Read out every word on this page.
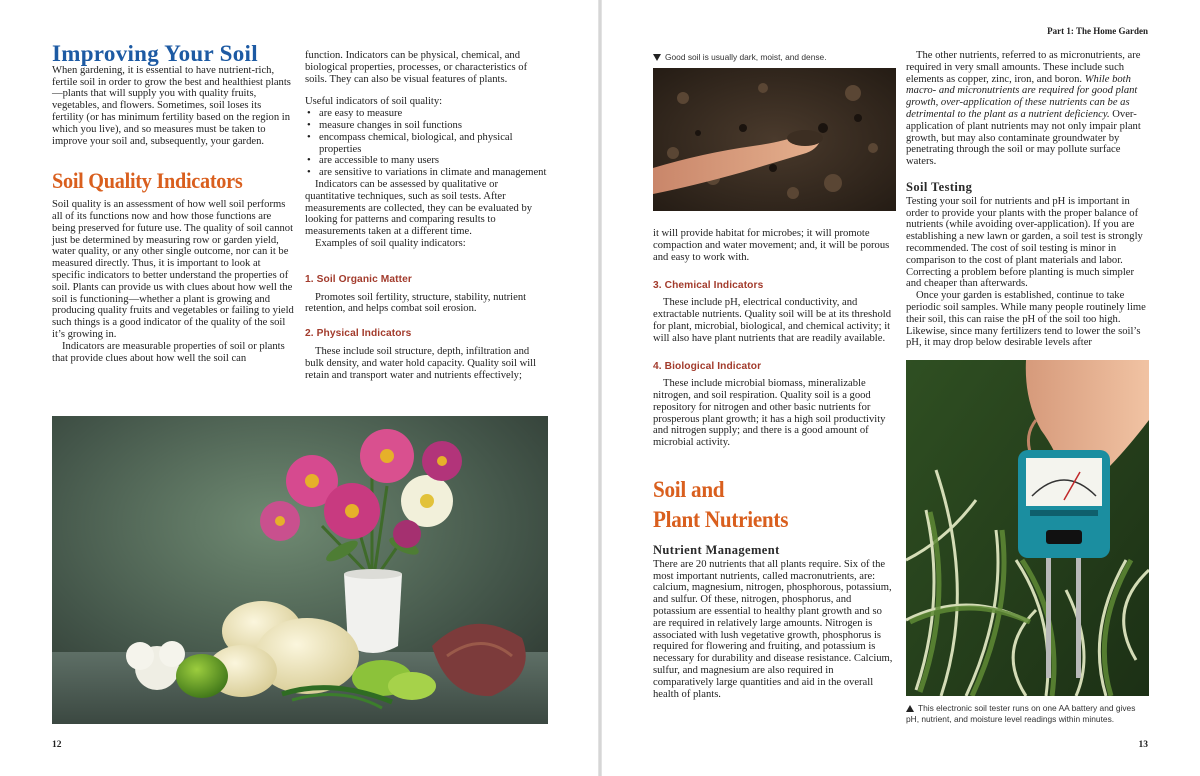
Improving Your Soil

When gardening, it is essential to have nutrient-rich, fertile soil in order to grow the best and healthiest plants—plants that will supply you with quality fruits, vegetables, and flowers. Sometimes, soil loses its fertility (or has minimum fertility based on the region in which you live), and so measures must be taken to improve your soil and, subsequently, your garden.

Soil Quality Indicators

Soil quality is an assessment of how well soil performs all of its functions now and how those functions are being preserved for future use. The quality of soil cannot just be determined by measuring row or garden yield, water quality, or any other single outcome, nor can it be measured directly. Thus, it is important to look at specific indicators to better understand the properties of soil. Plants can provide us with clues about how well the soil is functioning—whether a plant is growing and producing quality fruits and vegetables or failing to yield such things is a good indicator of the quality of the soil it’s growing in.

Indicators are measurable properties of soil or plants that provide clues about how well the soil can

function. Indicators can be physical, chemical, and biological properties, processes, or characteristics of soils. They can also be visual features of plants.

Useful indicators of soil quality:

• are easy to measure
• measure changes in soil functions
• encompass chemical, biological, and physical properties
• are accessible to many users
• are sensitive to variations in climate and management

Indicators can be assessed by qualitative or quantitative techniques, such as soil tests. After measurements are collected, they can be evaluated by looking for patterns and comparing results to measurements taken at a different time.

Examples of soil quality indicators:

1. Soil Organic Matter

Promotes soil fertility, structure, stability, nutrient retention, and helps combat soil erosion.

2. Physical Indicators

These include soil structure, depth, infiltration and bulk density, and water hold capacity. Quality soil will retain and transport water and nutrients effectively;

12
Part 1: The Home Garden
Good soil is usually dark, moist, and dense.

it will provide habitat for microbes; it will promote compaction and water movement; and, it will be porous and easy to work with.

3. Chemical Indicators

These include pH, electrical conductivity, and extractable nutrients. Quality soil will be at its threshold for plant, microbial, biological, and chemical activity; it will also have plant nutrients that are readily available.

4. Biological Indicator

These include microbial biomass, mineralizable nitrogen, and soil respiration. Quality soil is a good repository for nitrogen and other basic nutrients for prosperous plant growth; it has a high soil productivity and nitrogen supply; and there is a good amount of microbial activity.

Soil and
Plant Nutrients
Nutrient Management

There are 20 nutrients that all plants require. Six of the most important nutrients, called macronutrients, are: calcium, magnesium, nitrogen, phosphorous, potassium, and sulfur. Of these, nitrogen, phosphorus, and potassium are essential to healthy plant growth and so are required in relatively large amounts. Nitrogen is associated with lush vegetative growth, phosphorus is required for flowering and fruiting, and potassium is necessary for durability and disease resistance. Calcium, sulfur, and magnesium are also required in comparatively large quantities and aid in the overall health of plants.

The other nutrients, referred to as micronutrients, are required in very small amounts. These include such elements as copper, zinc, iron, and boron. While both macro- and micronutrients are required for good plant growth, over-application of these nutrients can be as detrimental to the plant as a nutrient deficiency. Over-application of plant nutrients may not only impair plant growth, but may also contaminate groundwater by penetrating through the soil or may pollute surface waters.

Soil Testing

Testing your soil for nutrients and pH is important in order to provide your plants with the proper balance of nutrients (while avoiding over-application). If you are establishing a new lawn or garden, a soil test is strongly recommended. The cost of soil testing is minor in comparison to the cost of plant materials and labor. Correcting a problem before planting is much simpler and cheaper than afterwards.

Once your garden is established, continue to take periodic soil samples. While many people routinely lime their soil, this can raise the pH of the soil too high. Likewise, since many fertilizers tend to lower the soil’s pH, it may drop below desirable levels after

This electronic soil tester runs on one AA battery and gives pH, nutrient, and moisture level readings within minutes.
13
